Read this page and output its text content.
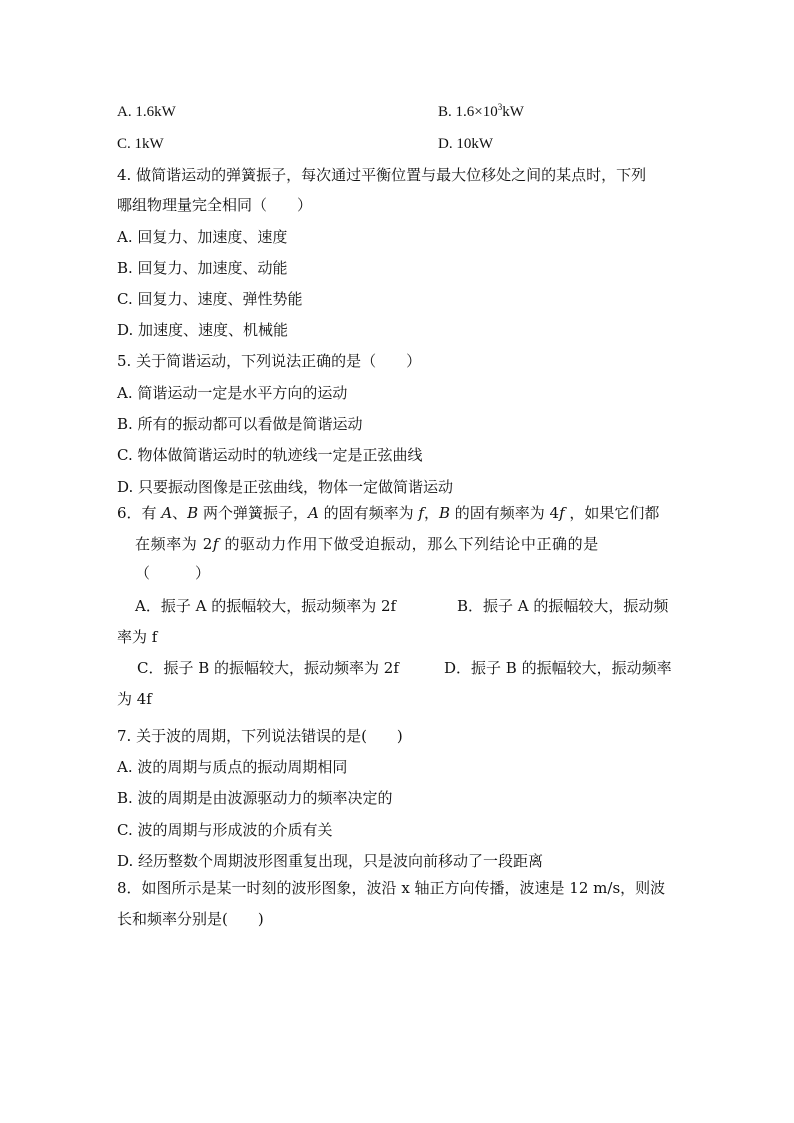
A. 1.6kW	B. $1.6\times 10^3kW$

C. 1kW	D. 10kW

4. 做简谐运动的弹簧振子，每次通过平衡位置与最大位移处之间的某点时，下列

哪组物理量完全相同（　　）

A. 回复力、加速度、速度

B. 回复力、加速度、动能

C. 回复力、速度、弹性势能

D. 加速度、速度、机械能

5. 关于简谐运动，下列说法正确的是（　　）

A. 简谐运动一定是水平方向的运动

B. 所有的振动都可以看做是简谐运动

C. 物体做简谐运动时的轨迹线一定是正弦曲线

D. 只要振动图像是正弦曲线，物体一定做简谐运动

6．有 A、B 两个弹簧振子，A 的固有频率为 f，B 的固有频率为 4f ，如果它们都

在频率为 2f 的驱动力作用下做受迫振动，那么下列结论中正确的是

（　　　）

A．振子 A 的振幅较大，振动频率为 2f	B．振子 A 的振幅较大，振动频

率为 f

C．振子 B 的振幅较大，振动频率为 2f	D．振子 B 的振幅较大，振动频率

为 4f

7. 关于波的周期，下列说法错误的是(　　)

A. 波的周期与质点的振动周期相同

B. 波的周期是由波源驱动力的频率决定的

C. 波的周期与形成波的介质有关

D. 经历整数个周期波形图重复出现，只是波向前移动了一段距离

8．如图所示是某一时刻的波形图象，波沿 x 轴正方向传播，波速是 12 m/s，则波

长和频率分别是(　　)
